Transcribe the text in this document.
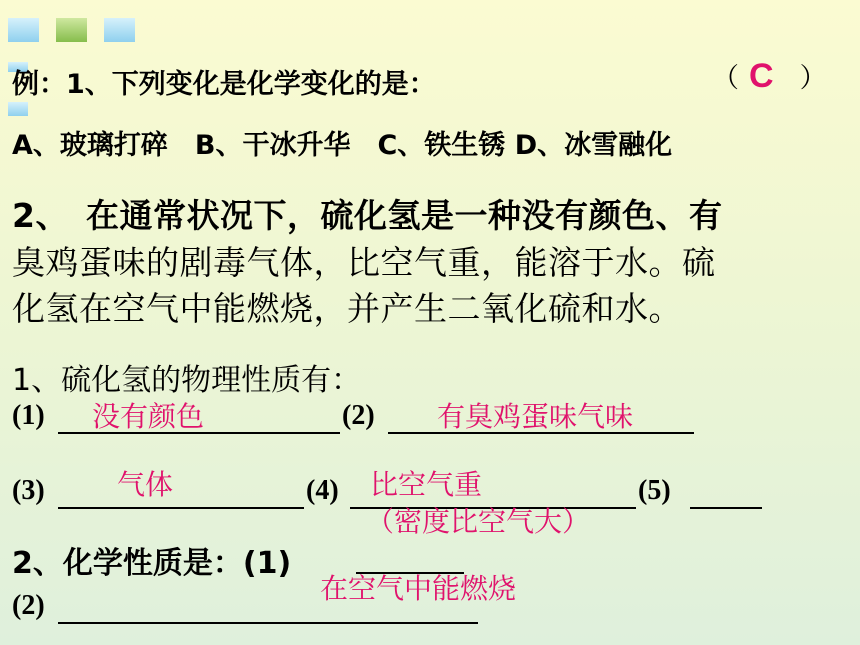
例：1、下列变化是化学变化的是：	（ C ）
A、玻璃打碎　B、干冰升华　C、铁生锈 D、冰雪融化
2、　在通常状况下，硫化氢是一种没有颜色、有
臭鸡蛋味的剧毒气体，比空气重，能溶于水。硫
化氢在空气中能燃烧，并产生二氧化硫和水。
1、硫化氢的物理性质有：
(1) 没有颜色	(2) 有臭鸡蛋味气味
(3)	气体	(4) 比空气重
（密度比空气大）
(5)
2、化学性质是：(1)
在空气中能燃烧
(2)
